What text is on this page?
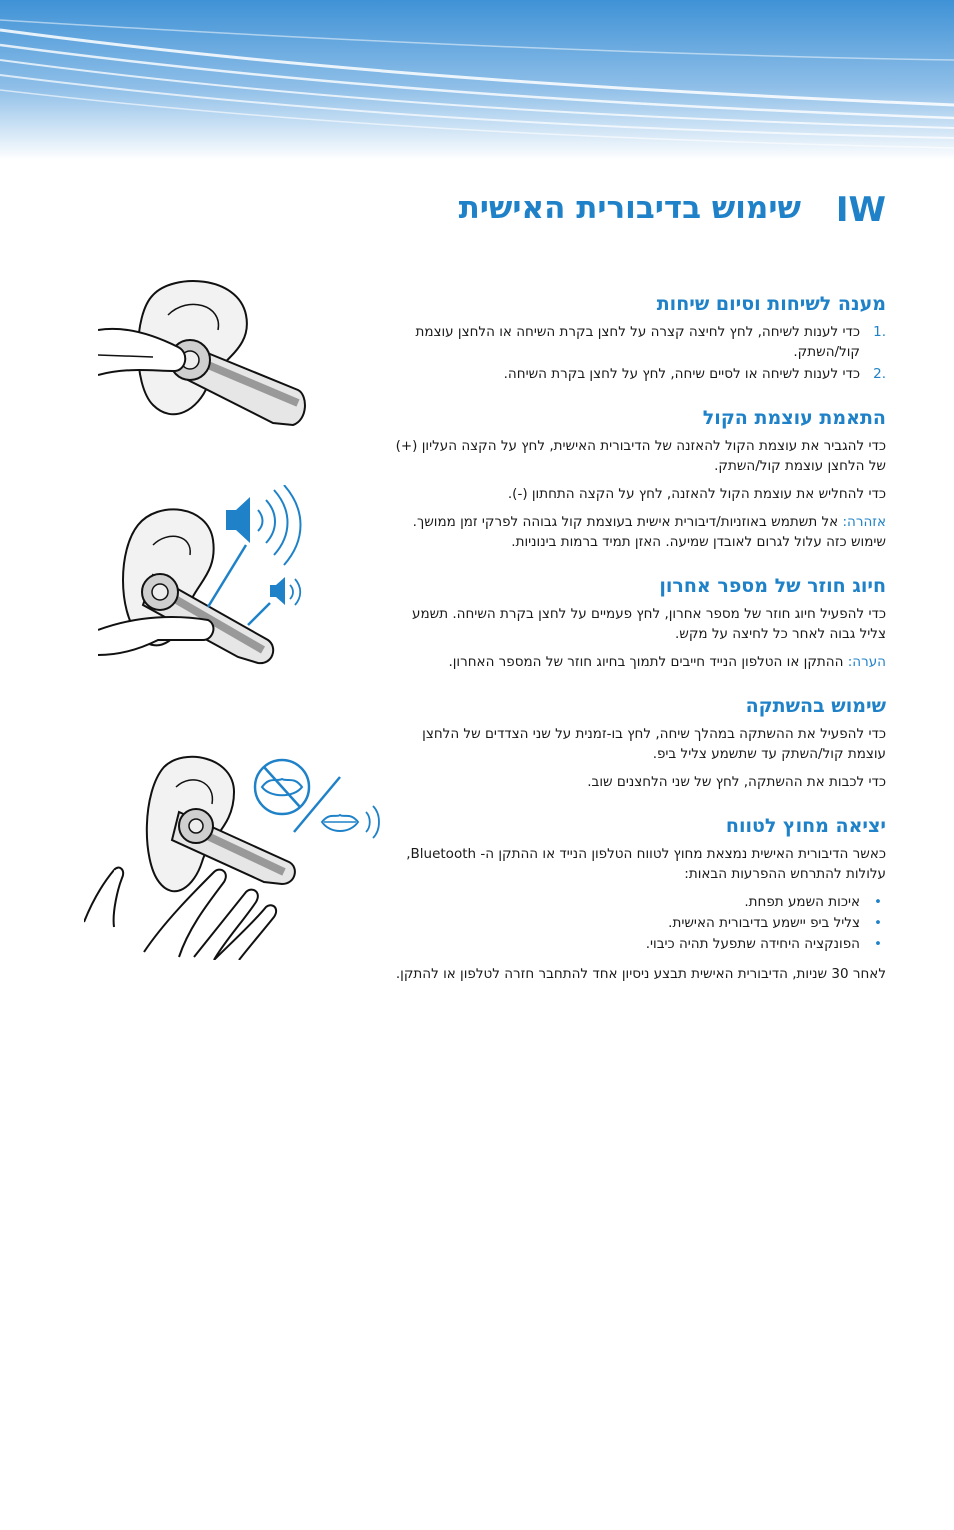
IW
שימוש בדיבורית האישית
מענה לשיחות וסיום שיחות
.1
כדי לענות לשיחה, לחץ לחיצה קצרה על לחצן בקרת השיחה או הלחצן עוצמת קול/השתק.
.2
כדי לענות לשיחה או לסיים שיחה, לחץ על לחצן בקרת השיחה.
התאמת עוצמת הקול

כדי להגביר את עוצמת הקול להאזנה של הדיבורית האישית, לחץ על הקצה העליון (+) של הלחצן עוצמת קול/השתק.

כדי להחליש את עוצמת הקול להאזנה, לחץ על הקצה התחתון (-).

אזהרה: אל תשתמש באוזניות/דיבורית אישית בעוצמת קול גבוהה לפרקי זמן ממושך. שימוש כזה עלול לגרום לאובדן שמיעה. האזן תמיד ברמות בינוניות.

חיוג חוזר של מספר אחרון

כדי להפעיל חיוג חוזר של מספר אחרון, לחץ פעמיים על לחצן בקרת השיחה. תשמע צליל גבוה לאחר כל לחיצה על מקש.

הערה: ההתקן או הטלפון הנייד חייבים לתמוך בחיוג חוזר של המספר האחרון.

שימוש בהשתקה

כדי להפעיל את ההשתקה במהלך שיחה, לחץ בו-זמנית על שני הצדדים של הלחצן עוצמת קול/השתק עד שתשמע צליל ביפ.

כדי לכבות את ההשתקה, לחץ של שני הלחצנים שוב.

יציאה מחוץ לטווח

כאשר הדיבורית האישית נמצאת מחוץ לטווח הטלפון הנייד או ההתקן ה- Bluetooth, עלולות להתרחש ההפרעות הבאות:

•
איכות השמע תפחת.
•
צליל ביפ יישמע בדיבורית האישית.
•
הפונקציה היחידה שתפעל תהיה כיבוי.

לאחר 30 שניות, הדיבורית האישית תבצע ניסיון אחד להתחבר חזרה לטלפון או להתקן.
